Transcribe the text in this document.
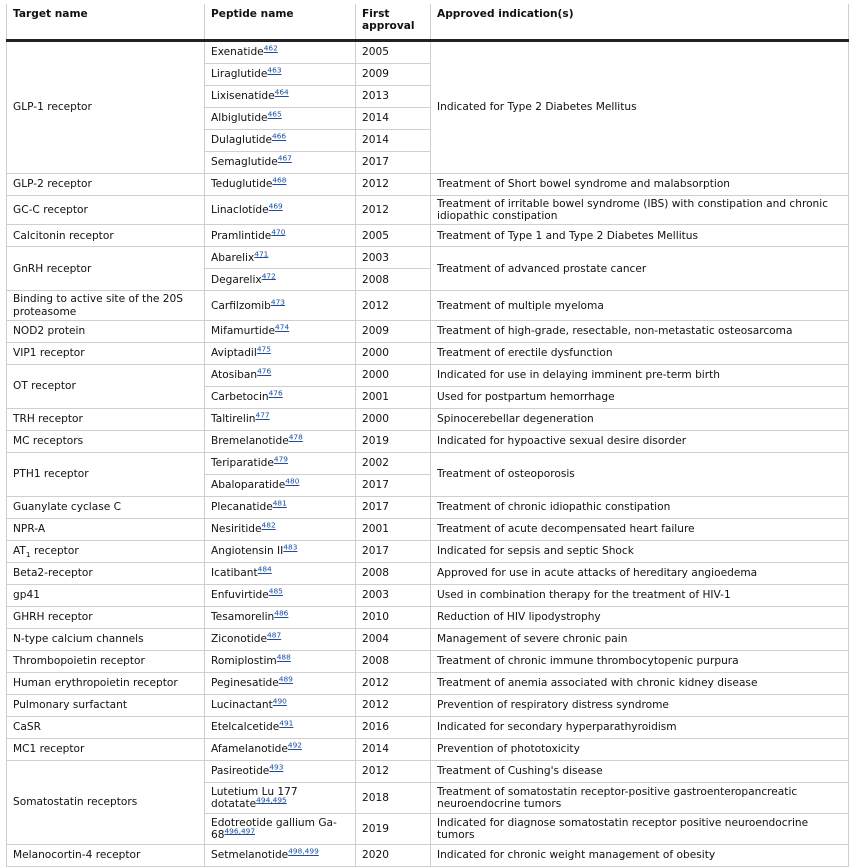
Target name	Peptide name	First approval	Approved indication(s)
GLP-1 receptor	Exenatide$^{462}$	2005	Indicated for Type 2 Diabetes Mellitus
	Liraglutide$^{463}$	2009	
	Lixisenatide$^{464}$	2013	
	Albiglutide$^{465}$	2014	
	Dulaglutide$^{466}$	2014	
	Semaglutide$^{467}$	2017	
GLP-2 receptor	Teduglutide$^{468}$	2012	Treatment of Short bowel syndrome and malabsorption
GC-C receptor	Linaclotide$^{469}$	2012	Treatment of irritable bowel syndrome (IBS) with constipation and chronic idiopathic constipation
Calcitonin receptor	Pramlintide$^{470}$	2005	Treatment of Type 1 and Type 2 Diabetes Mellitus
GnRH receptor	Abarelix$^{471}$	2003	Treatment of advanced prostate cancer
	Degarelix$^{472}$	2008	
Binding to active site of the 20S proteasome	Carfilzomib$^{473}$	2012	Treatment of multiple myeloma
NOD2 protein	Mifamurtide$^{474}$	2009	Treatment of high-grade, resectable, non-metastatic osteosarcoma
VIP1 receptor	Aviptadil$^{475}$	2000	Treatment of erectile dysfunction
OT receptor	Atosiban$^{476}$	2000	Indicated for use in delaying imminent pre-term birth
	Carbetocin$^{476}$	2001	Used for postpartum hemorrhage
TRH receptor	Taltirelin$^{477}$	2000	Spinocerebellar degeneration
MC receptors	Bremelanotide$^{478}$	2019	Indicated for hypoactive sexual desire disorder
PTH1 receptor	Teriparatide$^{479}$	2002	Treatment of osteoporosis
	Abaloparatide$^{480}$	2017	
Guanylate cyclase C	Plecanatide$^{481}$	2017	Treatment of chronic idiopathic constipation
NPR-A	Nesiritide$^{482}$	2001	Treatment of acute decompensated heart failure
$AT_1$ receptor	Angiotensin II$^{483}$	2017	Indicated for sepsis and septic Shock
Beta2-receptor	Icatibant$^{484}$	2008	Approved for use in acute attacks of hereditary angioedema
gp41	Enfuvirtide$^{485}$	2003	Used in combination therapy for the treatment of HIV-1
GHRH receptor	Tesamorelin$^{486}$	2010	Reduction of HIV lipodystrophy
N-type calcium channels	Ziconotide$^{487}$	2004	Management of severe chronic pain
Thrombopoietin receptor	Romiplostim$^{488}$	2008	Treatment of chronic immune thrombocytopenic purpura
Human erythropoietin receptor	Peginesatide$^{489}$	2012	Treatment of anemia associated with chronic kidney disease
Pulmonary surfactant	Lucinactant$^{490}$	2012	Prevention of respiratory distress syndrome
CaSR	Etelcalcetide$^{491}$	2016	Indicated for secondary hyperparathyroidism
MC1 receptor	Afamelanotide$^{492}$	2014	Prevention of phototoxicity
Somatostatin receptors	Pasireotide$^{493}$	2012	Treatment of Cushing's disease
	Lutetium Lu 177 dotatate$^{494,495}$	2018	Treatment of somatostatin receptor-positive gastroenteropancreatic neuroendocrine tumors
	Edotreotide gallium Ga-68$^{496,497}$	2019	Indicated for diagnose somatostatin receptor positive neuroendocrine tumors
Melanocortin-4 receptor	Setmelanotide$^{498,499}$	2020	Indicated for chronic weight management of obesity
